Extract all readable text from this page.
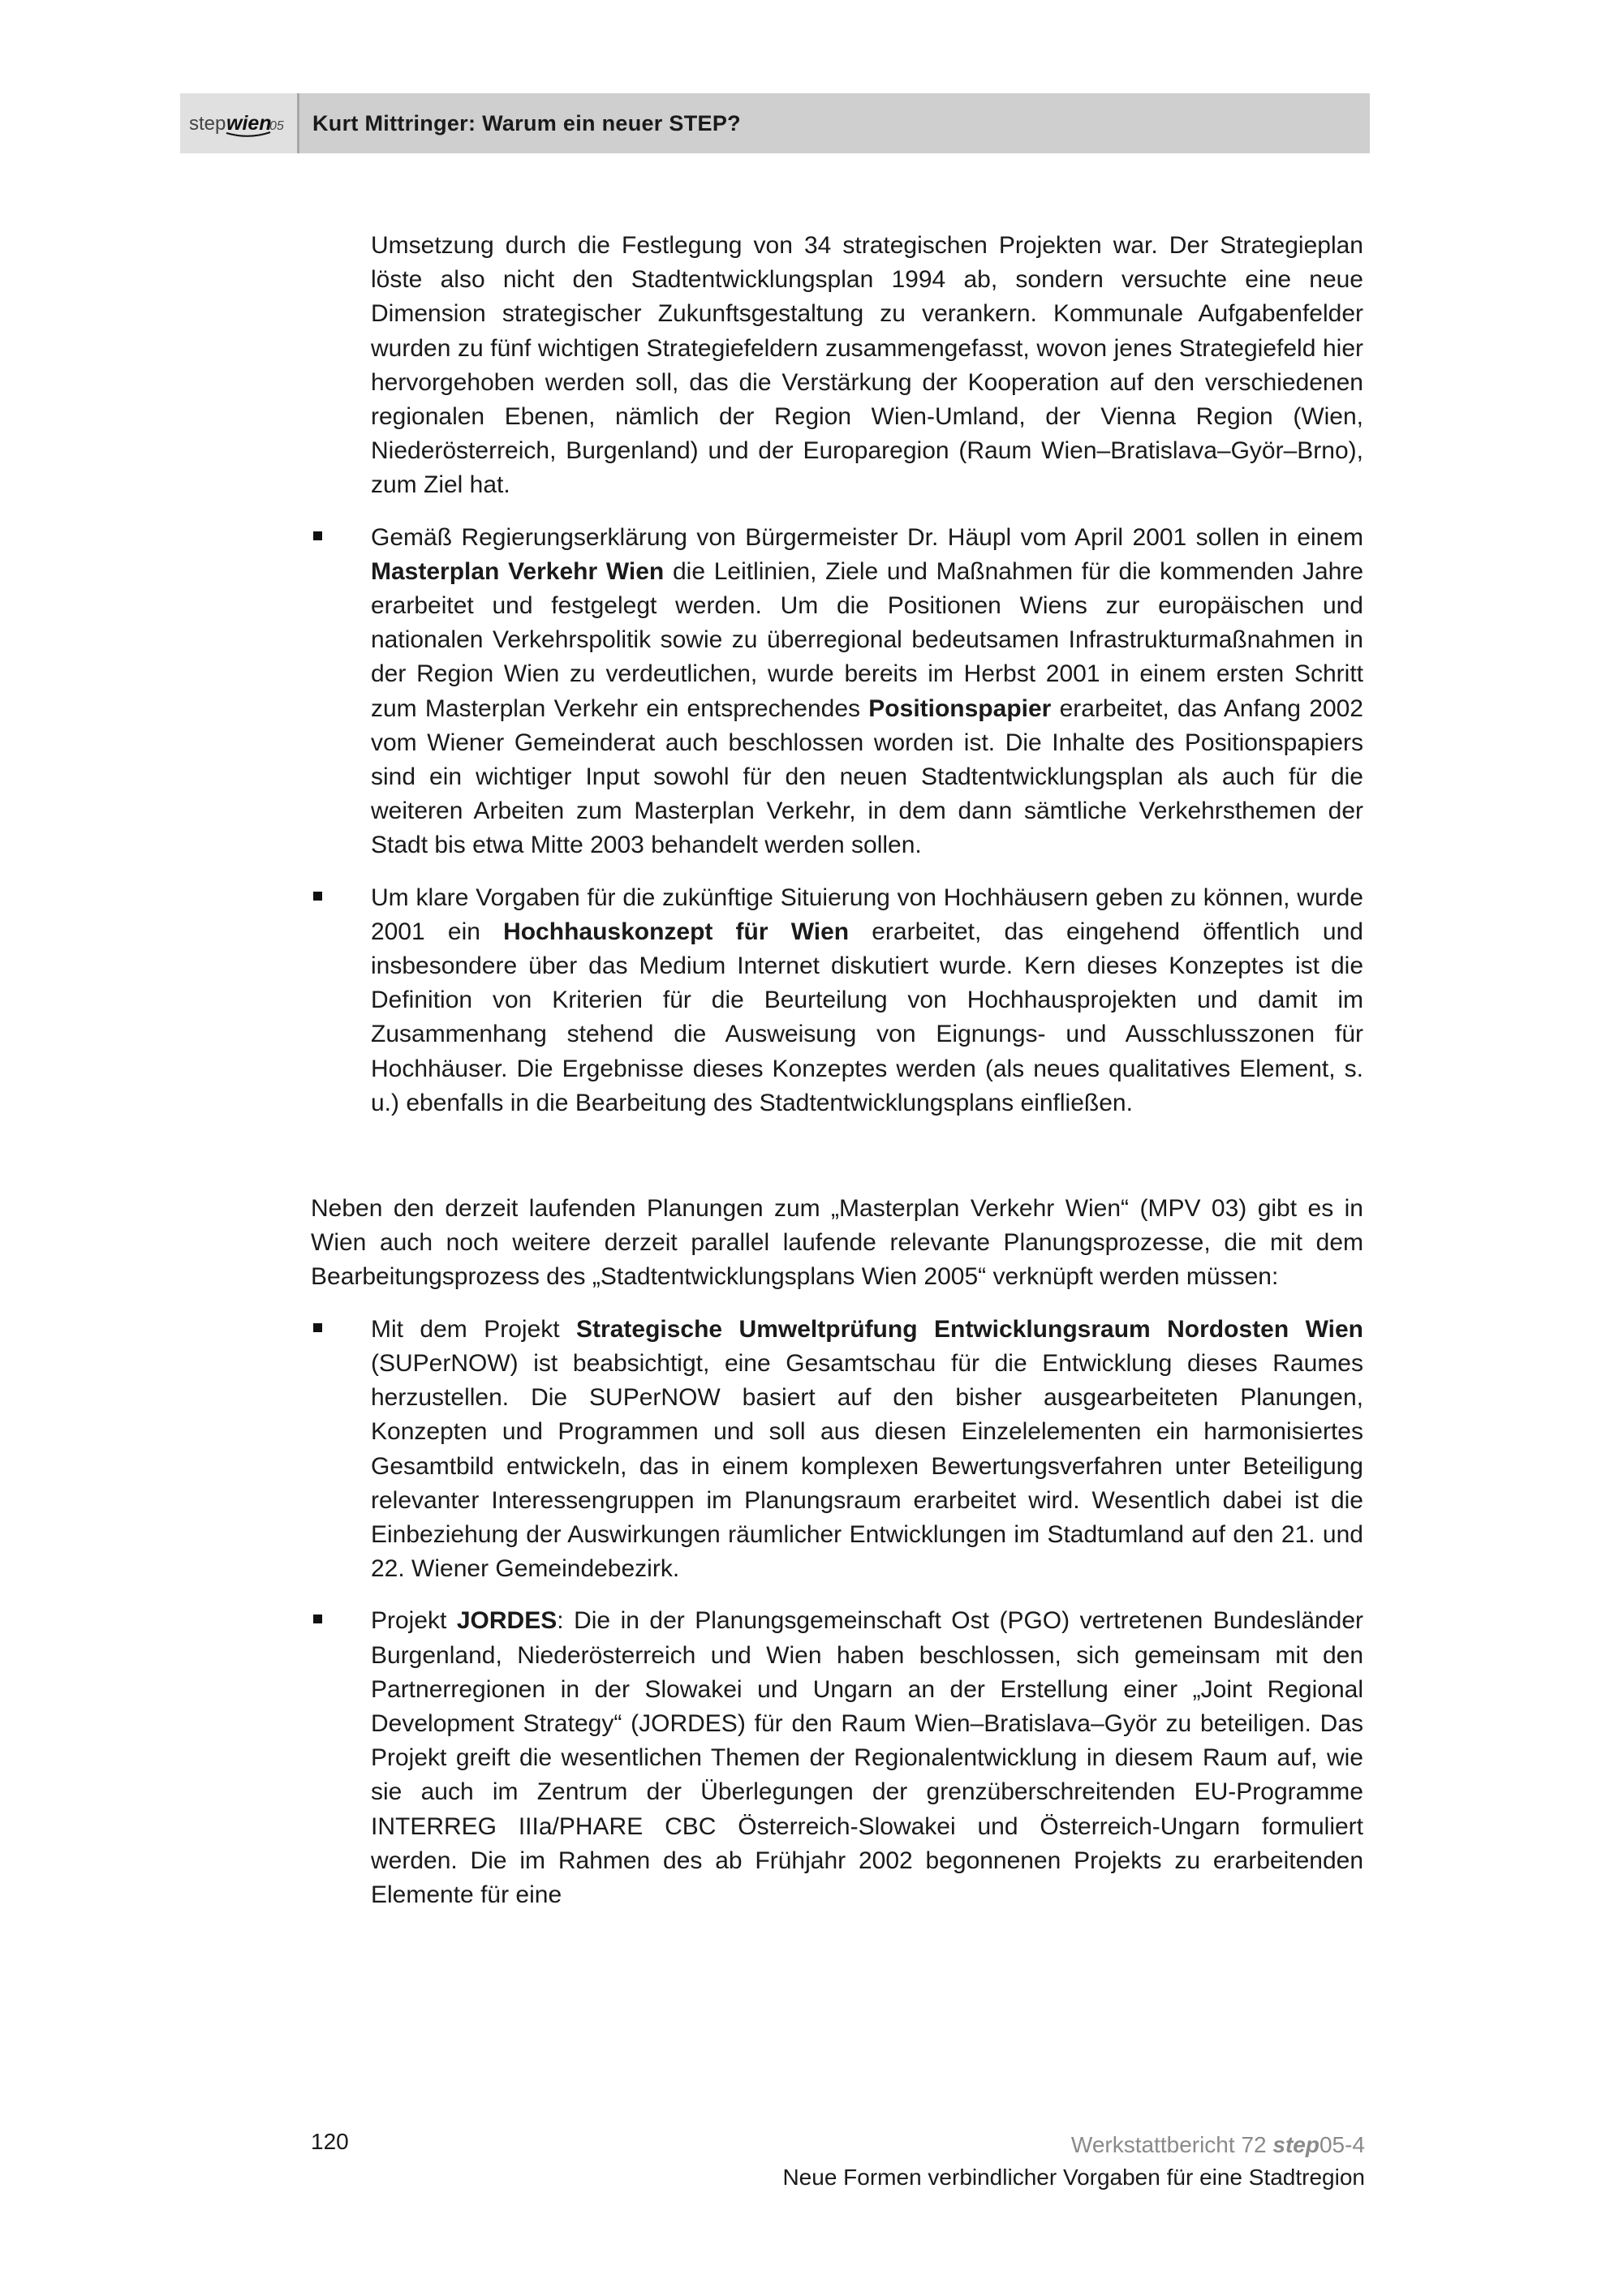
step wien
05 Kurt Mittringer: Warum ein neuer STEP?

Umsetzung durch die Festlegung von 34 strategischen Projekten war. Der Strategieplan löste also nicht den Stadtentwicklungsplan 1994 ab, sondern versuchte eine neue Dimension strategischer Zukunftsgestaltung zu verankern. Kommunale Aufgabenfelder wurden zu fünf wichtigen Strategiefeldern zusammengefasst, wovon jenes Strategiefeld hier hervorgehoben werden soll, das die Verstärkung der Kooperation auf den verschiedenen regionalen Ebenen, nämlich der Region Wien-Umland, der Vienna Region (Wien, Niederösterreich, Burgenland) und der Europaregion (Raum Wien–Bratislava–Györ–Brno), zum Ziel hat.

Gemäß Regierungserklärung von Bürgermeister Dr. Häupl vom April 2001 sollen in einem Masterplan Verkehr Wien die Leitlinien, Ziele und Maßnahmen für die kommenden Jahre erarbeitet und festgelegt werden. Um die Positionen Wiens zur europäischen und nationalen Verkehrspolitik sowie zu überregional bedeutsamen Infrastrukturmaßnahmen in der Region Wien zu verdeutlichen, wurde bereits im Herbst 2001 in einem ersten Schritt zum Masterplan Verkehr ein entsprechendes Positionspapier erarbeitet, das Anfang 2002 vom Wiener Gemeinderat auch beschlossen worden ist. Die Inhalte des Positionspapiers sind ein wichtiger Input sowohl für den neuen Stadtentwicklungsplan als auch für die weiteren Arbeiten zum Masterplan Verkehr, in dem dann sämtliche Verkehrsthemen der Stadt bis etwa Mitte 2003 behandelt werden sollen.
Um klare Vorgaben für die zukünftige Situierung von Hochhäusern geben zu können, wurde 2001 ein Hochhauskonzept für Wien erarbeitet, das eingehend öffentlich und insbesondere über das Medium Internet diskutiert wurde. Kern dieses Konzeptes ist die Definition von Kriterien für die Beurteilung von Hochhausprojekten und damit im Zusammenhang stehend die Ausweisung von Eignungs- und Ausschlusszonen für Hochhäuser. Die Ergebnisse dieses Konzeptes werden (als neues qualitatives Element, s. u.) ebenfalls in die Bearbeitung des Stadtentwicklungsplans einfließen.

Neben den derzeit laufenden Planungen zum „Masterplan Verkehr Wien“ (MPV 03) gibt es in Wien auch noch weitere derzeit parallel laufende relevante Planungsprozesse, die mit dem Bearbeitungsprozess des „Stadtentwicklungsplans Wien 2005“ verknüpft werden müssen:

Mit dem Projekt Strategische Umweltprüfung Entwicklungsraum Nordosten Wien (SUPerNOW) ist beabsichtigt, eine Gesamtschau für die Entwicklung dieses Raumes herzustellen. Die SUPerNOW basiert auf den bisher ausgearbeiteten Planungen, Konzepten und Programmen und soll aus diesen Einzelelementen ein harmonisiertes Gesamtbild entwickeln, das in einem komplexen Bewertungsverfahren unter Beteiligung relevanter Interessengruppen im Planungsraum erarbeitet wird. Wesentlich dabei ist die Einbeziehung der Auswirkungen räumlicher Entwicklungen im Stadtumland auf den 21. und 22. Wiener Gemeindebezirk.
Projekt JORDES: Die in der Planungsgemeinschaft Ost (PGO) vertretenen Bundesländer Burgenland, Niederösterreich und Wien haben beschlossen, sich gemeinsam mit den Partnerregionen in der Slowakei und Ungarn an der Erstellung einer „Joint Regional Development Strategy“ (JORDES) für den Raum Wien–Bratislava–Györ zu beteiligen. Das Projekt greift die wesentlichen Themen der Regionalentwicklung in diesem Raum auf, wie sie auch im Zentrum der Überlegungen der grenzüberschreitenden EU-Programme INTERREG IIIa/PHARE CBC Österreich-Slowakei und Österreich-Ungarn formuliert werden. Die im Rahmen des ab Frühjahr 2002 begonnenen Projekts zu erarbeitenden Elemente für eine
120	Werkstattbericht 72 step05-4
Neue Formen verbindlicher Vorgaben für eine Stadtregion
